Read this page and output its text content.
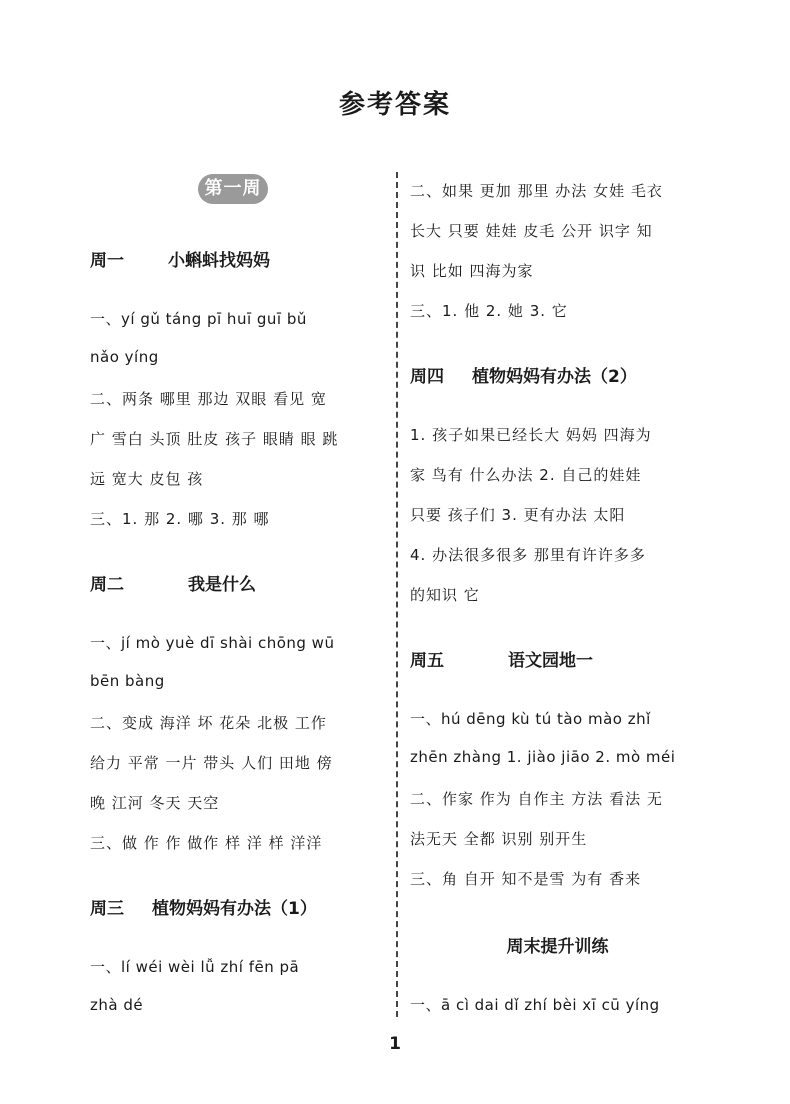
参考答案
第一周
周一	小蝌蚪找妈妈
一、yí gǔ táng pī huī guī bǔ
nǎo yíng
二、两条 哪里 那边 双眼 看见 宽
广 雪白 头顶 肚皮 孩子 眼睛 眼 跳
远 宽大 皮包 孩
三、1. 那 2. 哪 3. 那 哪
周二	我是什么
一、jí mò yuè dī shài chōng wū
bēn bàng
二、变成 海洋 坏 花朵 北极 工作
给力 平常 一片 带头 人们 田地 傍
晚 江河 冬天 天空
三、做 作 作 做作 样 洋 样 洋洋
周三 植物妈妈有办法（1）
一、lí wéi wèi lǚ zhí fēn pā
zhà dé
二、如果 更加 那里 办法 女娃 毛衣
长大 只要 娃娃 皮毛 公开 识字 知
识 比如 四海为家
三、1. 他 2. 她 3. 它
周四 植物妈妈有办法（2）
1. 孩子如果已经长大 妈妈 四海为
家 鸟有 什么办法 2. 自己的娃娃
只要 孩子们 3. 更有办法 太阳
4. 办法很多很多 那里有许许多多
的知识 它
周五	语文园地一
一、hú dēng kù tú tào mào zhǐ
zhēn zhàng 1. jiào jiāo 2. mò méi
二、作家 作为 自作主 方法 看法 无
法无天 全都 识别 别开生
三、角 自开 知不是雪 为有 香来
周末提升训练
一、ā cì dai dǐ zhí bèi xī cū yíng
1
